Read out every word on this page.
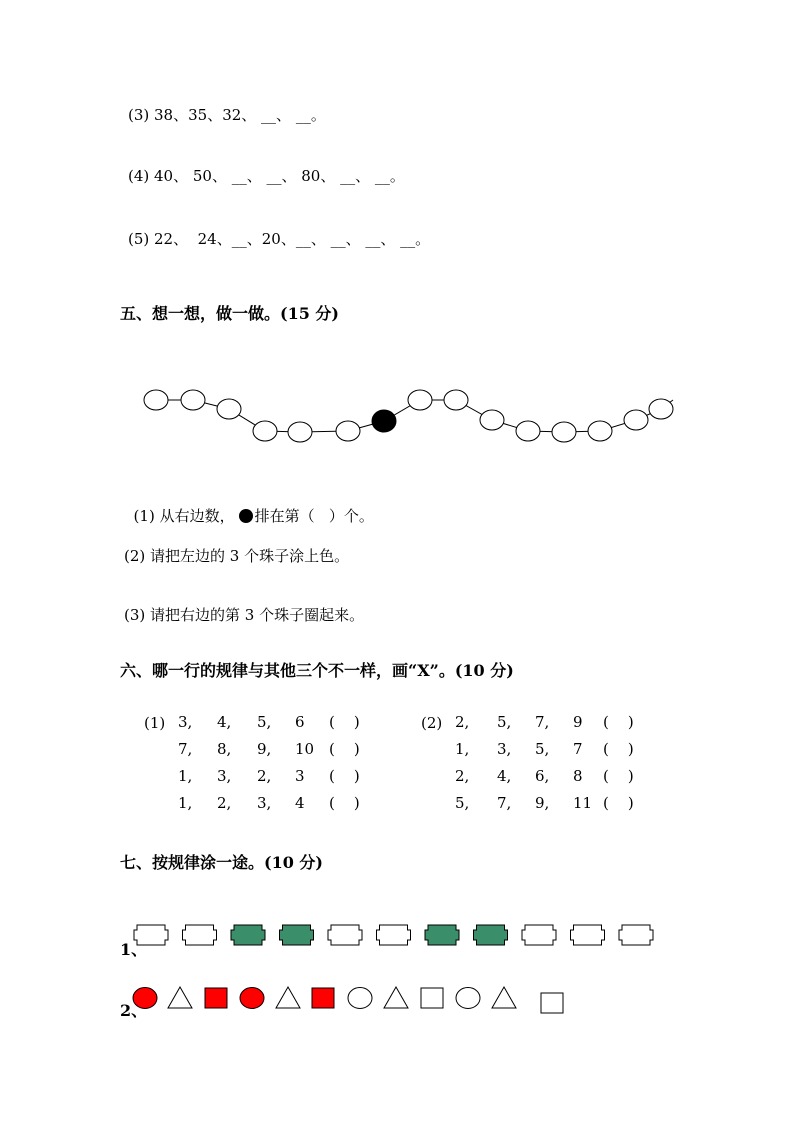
(3) 38、35、32、 __、 __。
(4) 40、 50、 __、 __、 80、 __、 __。
(5) 22、  24、__、20、__、 __、 __、 __。
五、想一想，做一做。(15 分)

(1) 从右边数， 排在第（   ）个。

(2) 请把左边的 3 个珠子涂上色。
(3) 请把右边的第 3 个珠子圈起来。
六、哪一行的规律与其他三个不一样，画“X”。(10 分)
(1)	(2)
3, 4, 5, 6 (    )
7, 8, 9, 10 (    )
1, 3, 2, 3 (    )
1, 2, 3, 4 (    )
2, 5, 7, 9 (    )
1, 3, 5, 7 (    )
2, 4, 6, 8 (    )
5, 7, 9, 11 (    )
七、按规律涂一途。(10 分)
1、
2、
